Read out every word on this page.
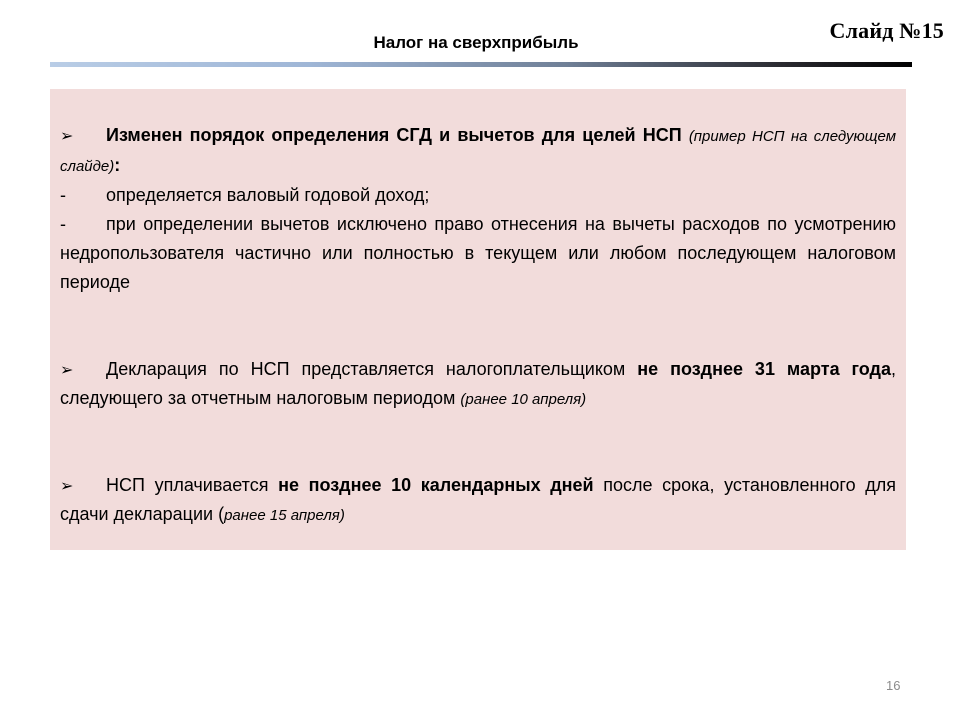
Слайд №15
Налог на сверхприбыль

➢ Изменен порядок определения СГД и вычетов для целей НСП (пример НСП на следующем слайде):

- определяется валовый годовой доход;

- при определении вычетов исключено право отнесения на вычеты расходов по усмотрению недропользователя частично или полностью в текущем или любом последующем налоговом периоде

➢ Декларация по НСП представляется налогоплательщиком не позднее 31 марта года, следующего за отчетным налоговым периодом (ранее 10 апреля)

➢ НСП уплачивается не позднее 10 календарных дней после срока, установленного для сдачи декларации (ранее 15 апреля)

16
